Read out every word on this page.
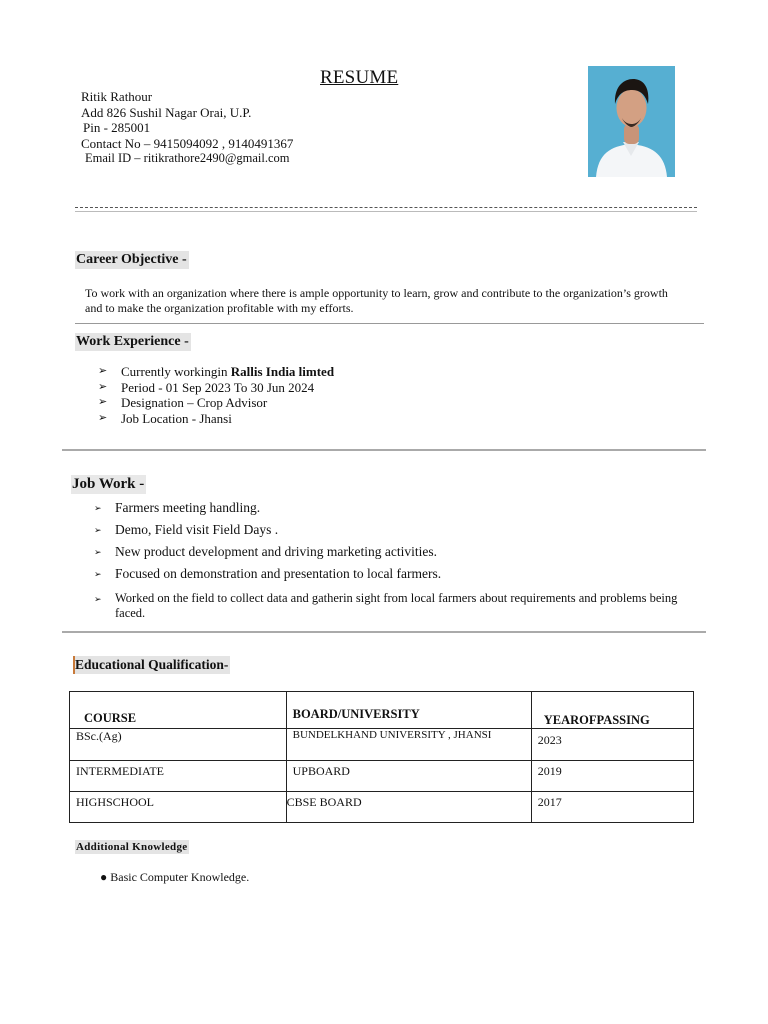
RESUME
Ritik Rathour
Add 826 Sushil Nagar Orai, U.P.
Pin - 285001
Contact No – 9415094092 , 9140491367
Email ID – ritikrathore2490@gmail.com
Career Objective -
To work with an organization where there is ample opportunity to learn, grow and contribute to the organization’s growth
and to make the organization profitable with my efforts.
Work Experience -
➢ Currently workingin Rallis India limted
➢ Period - 01 Sep 2023 To 30 Jun 2024
➢ Designation – Crop Advisor
➢ Job Location - Jhansi
Job Work -
➢ Farmers meeting handling.
➢ Demo, Field visit Field Days .
➢ New product development and driving marketing activities.
➢ Focused on demonstration and presentation to local farmers.
➢ Worked on the field to collect data and gatherin sight from local farmers about requirements and problems being faced.
Educational Qualification-
COURSE	BOARD/UNIVERSITY	YEAROFPASSING
BSc.(Ag)	BUNDELKHAND UNIVERSITY , JHANSI	2023
INTERMEDIATE	UPBOARD	2019
HIGHSCHOOL	CBSE BOARD	2017
Additional Knowledge
● Basic Computer Knowledge.
